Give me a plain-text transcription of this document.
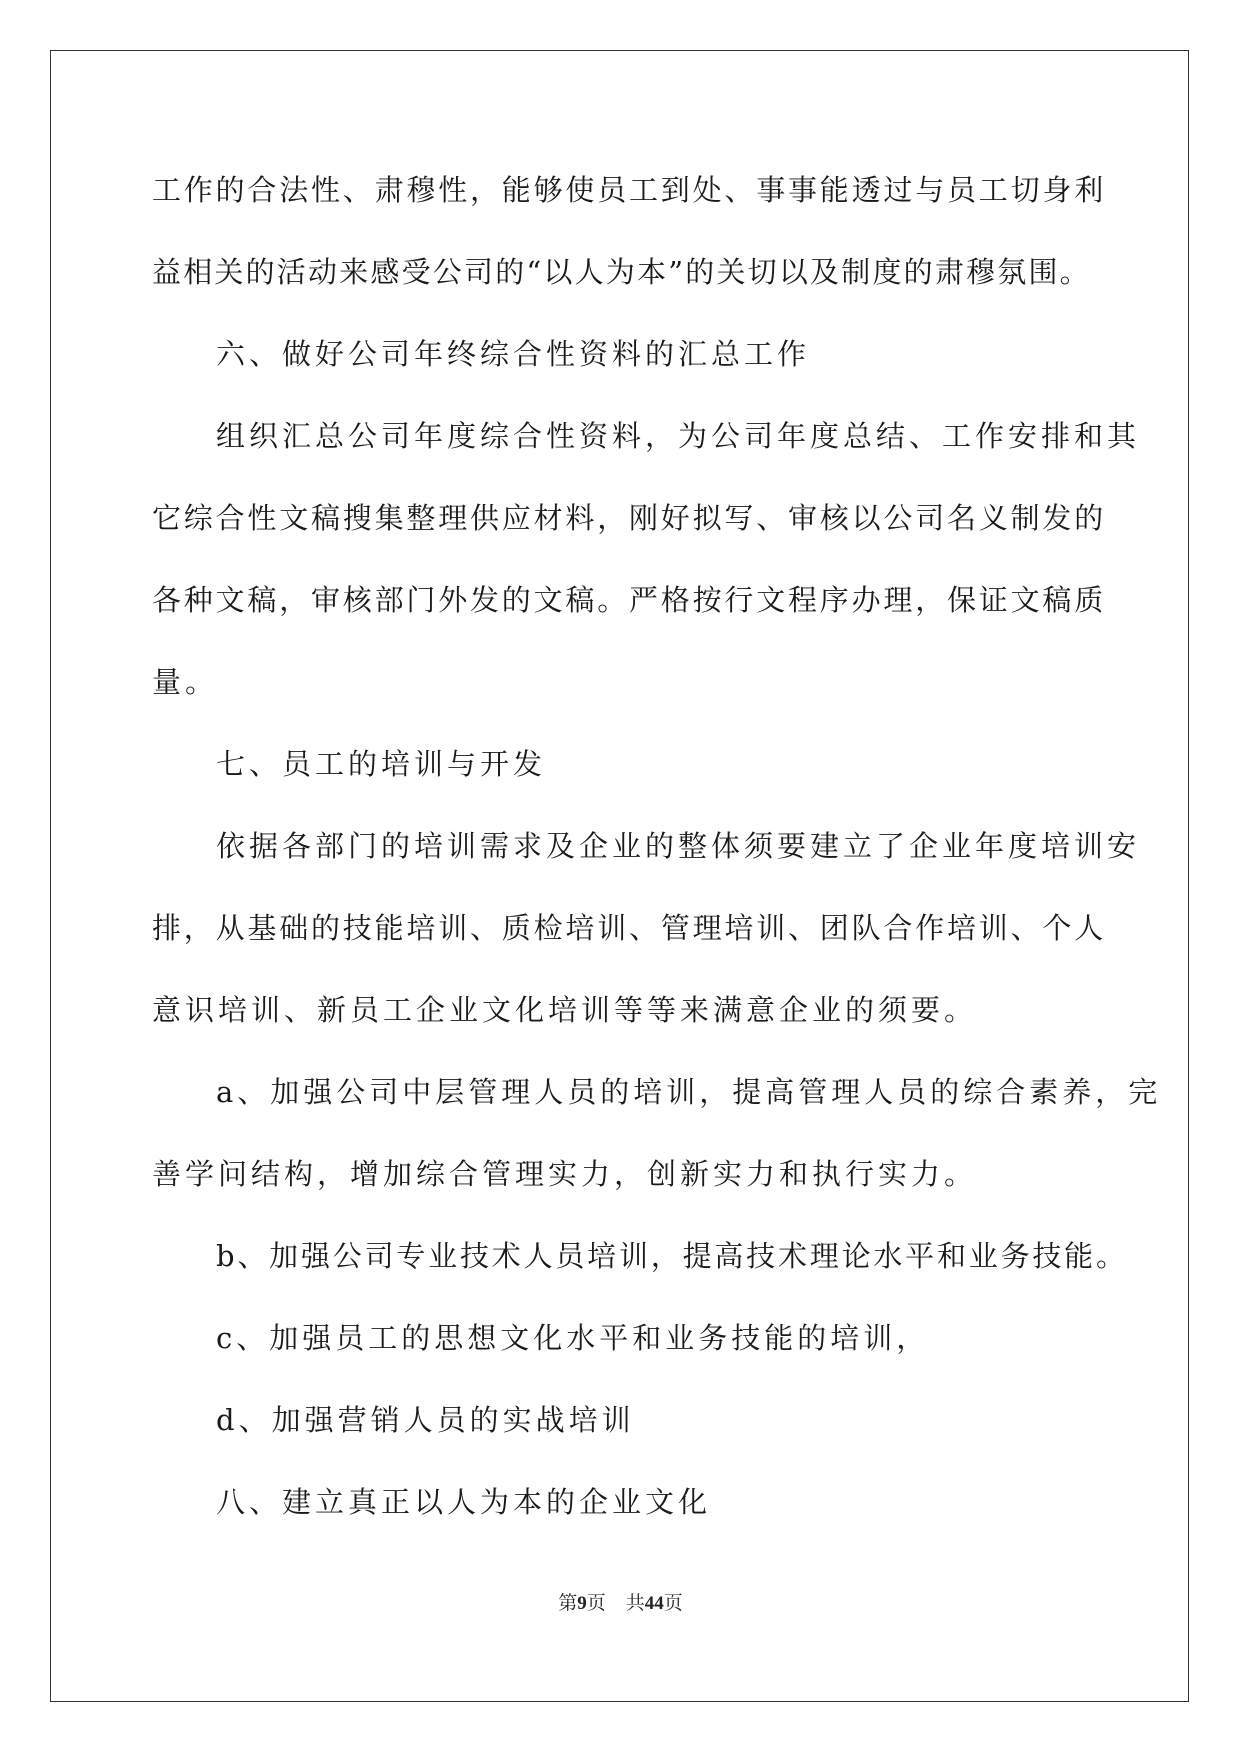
工作的合法性、肃穆性，能够使员工到处、事事能透过与员工切身利
益相关的活动来感受公司的“以人为本”的关切以及制度的肃穆氛围。
六、做好公司年终综合性资料的汇总工作
组织汇总公司年度综合性资料，为公司年度总结、工作安排和其
它综合性文稿搜集整理供应材料，刚好拟写、审核以公司名义制发的
各种文稿，审核部门外发的文稿。严格按行文程序办理，保证文稿质
量。
七、员工的培训与开发
依据各部门的培训需求及企业的整体须要建立了企业年度培训安
排，从基础的技能培训、质检培训、管理培训、团队合作培训、个人
意识培训、新员工企业文化培训等等来满意企业的须要。
a、加强公司中层管理人员的培训，提高管理人员的综合素养，完
善学问结构，增加综合管理实力，创新实力和执行实力。
b、加强公司专业技术人员培训，提高技术理论水平和业务技能。
c、加强员工的思想文化水平和业务技能的培训，
d、加强营销人员的实战培训
八、建立真正以人为本的企业文化
第9页 共44页
